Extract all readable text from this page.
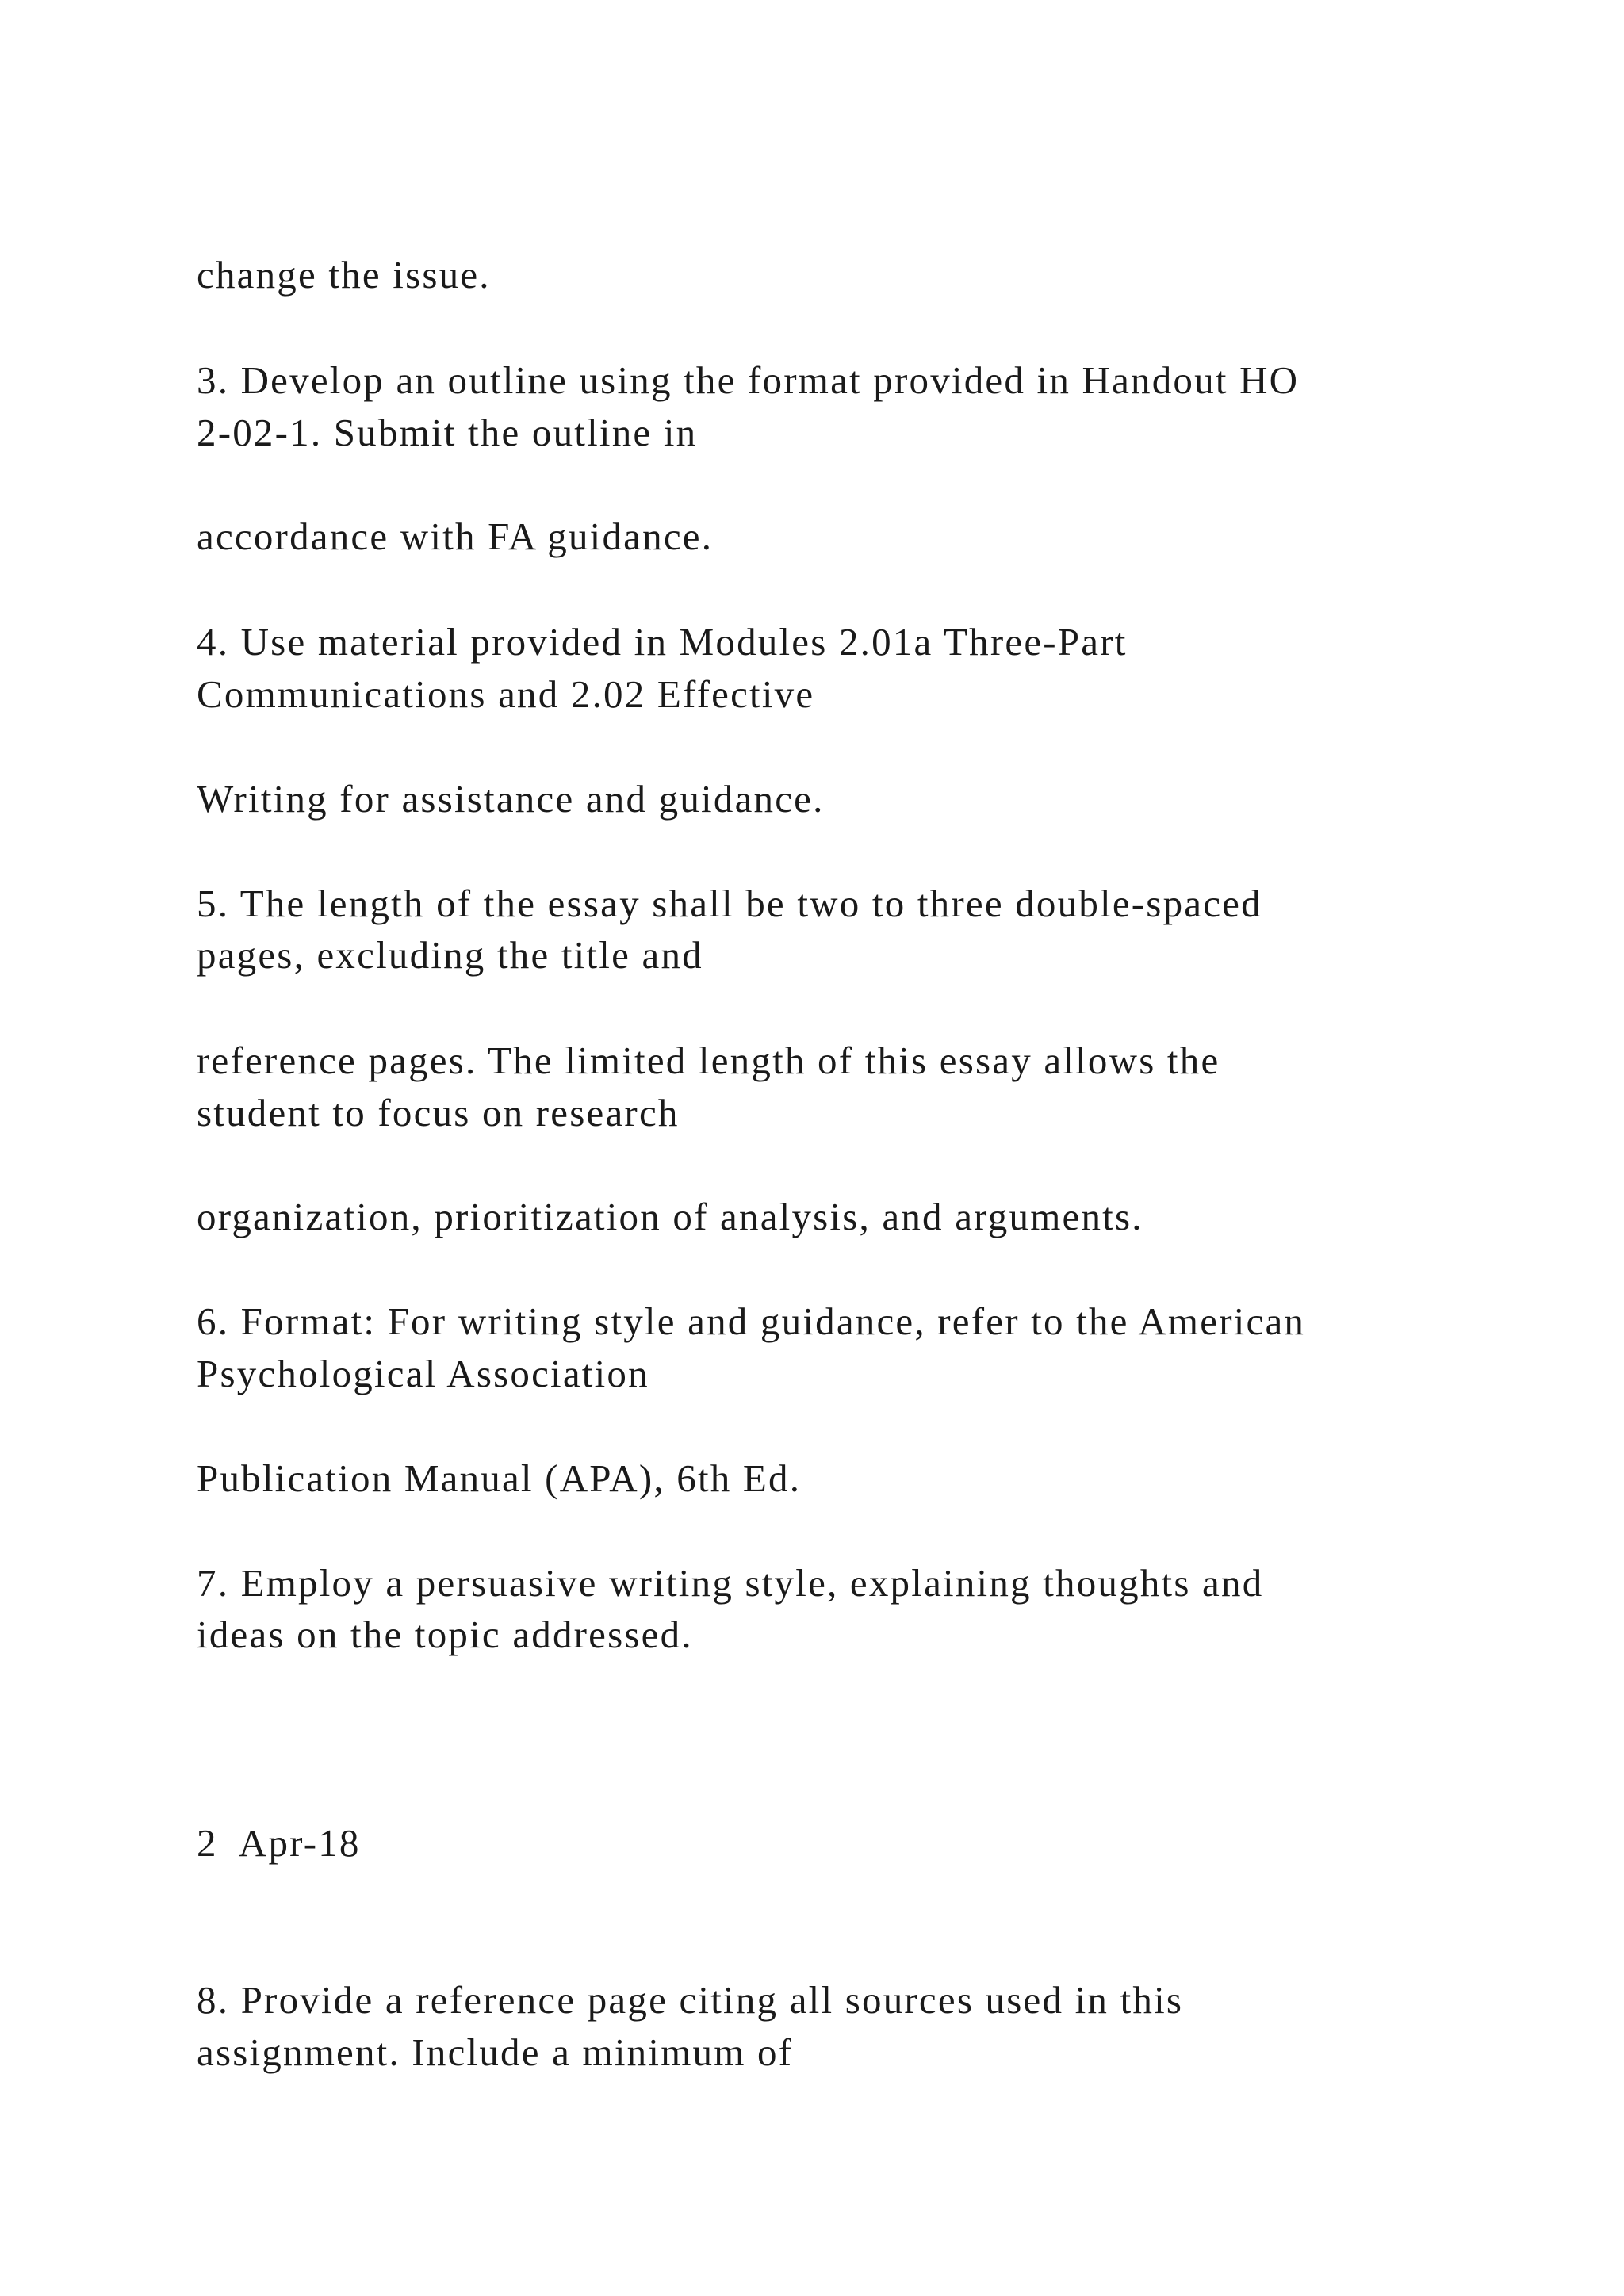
change the issue.

3. Develop an outline using the format provided in Handout HO

2-02-1. Submit the outline in

accordance with FA guidance.

4. Use material provided in Modules 2.01a Three-Part

Communications and 2.02 Effective

Writing for assistance and guidance.

5. The length of the essay shall be two to three double-spaced

pages, excluding the title and

reference pages. The limited length of this essay allows the

student to focus on research

organization, prioritization of analysis, and arguments.

6. Format: For writing style and guidance, refer to the American

Psychological Association

Publication Manual (APA), 6th Ed.

7. Employ a persuasive writing style, explaining thoughts and

ideas on the topic addressed.

2  Apr-18

8. Provide a reference page citing all sources used in this

assignment. Include a minimum of
